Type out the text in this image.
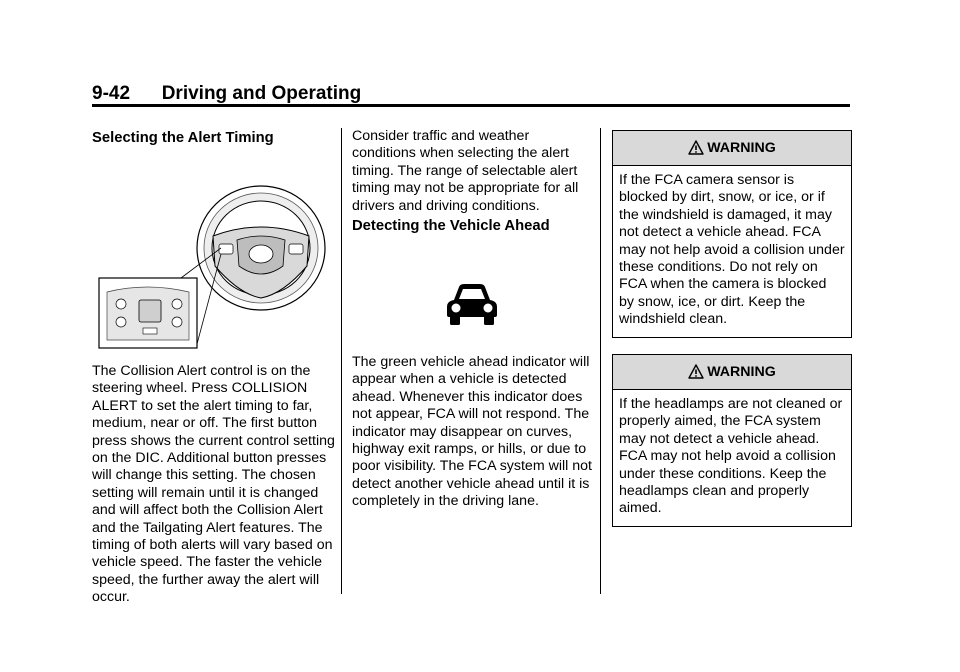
9-42      Driving and Operating
Selecting the Alert Timing

The Collision Alert control is on the steering wheel. Press COLLISION ALERT to set the alert timing to far, medium, near or off. The first button press shows the current control setting on the DIC. Additional button presses will change this setting. The chosen setting will remain until it is changed and will affect both the Collision Alert and the Tailgating Alert features. The timing of both alerts will vary based on vehicle speed. The faster the vehicle speed, the further away the alert will occur.

Consider traffic and weather conditions when selecting the alert timing. The range of selectable alert timing may not be appropriate for all drivers and driving conditions.

Detecting the Vehicle Ahead

The green vehicle ahead indicator will appear when a vehicle is detected ahead. Whenever this indicator does not appear, FCA will not respond. The indicator may disappear on curves, highway exit ramps, or hills, or due to poor visibility. The FCA system will not detect another vehicle ahead until it is completely in the driving lane.

WARNING

If the FCA camera sensor is blocked by dirt, snow, or ice, or if the windshield is damaged, it may not detect a vehicle ahead. FCA may not help avoid a collision under these conditions. Do not rely on FCA when the camera is blocked by snow, ice, or dirt. Keep the windshield clean.

WARNING

If the headlamps are not cleaned or properly aimed, the FCA system may not detect a vehicle ahead. FCA may not help avoid a collision under these conditions. Keep the headlamps clean and properly aimed.
